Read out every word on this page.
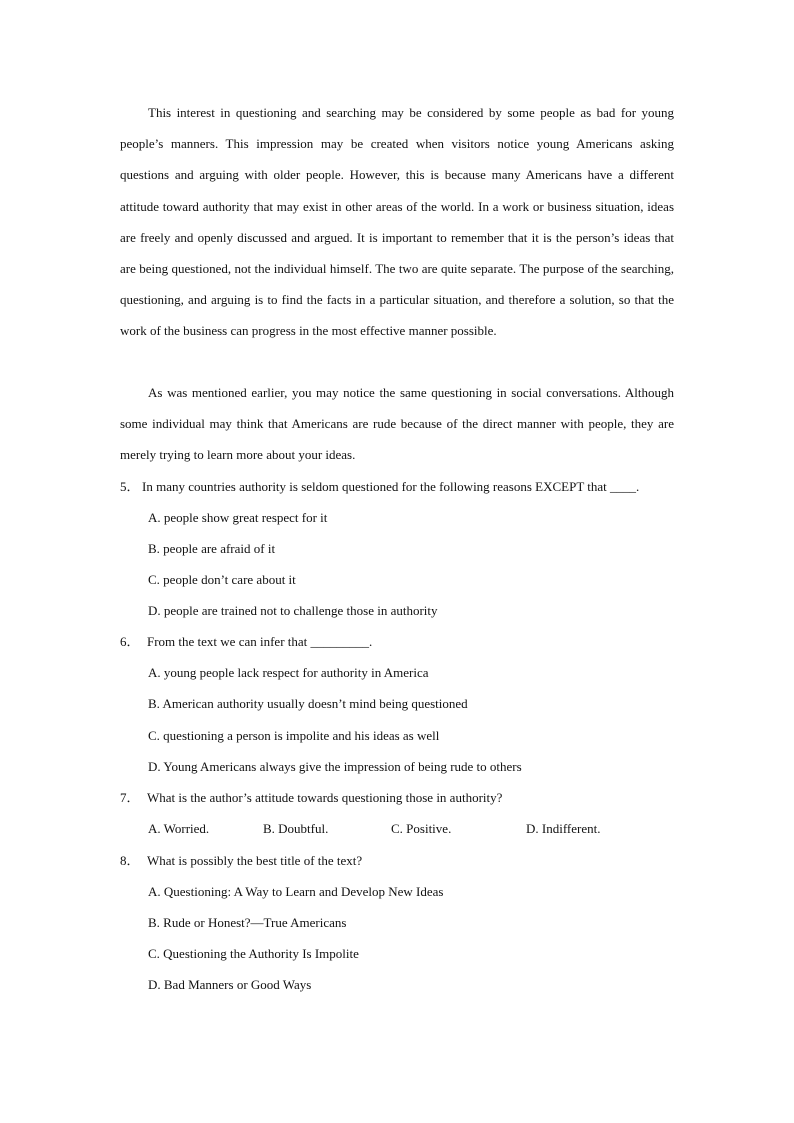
This interest in questioning and searching may be considered by some people as bad for young people’s manners. This impression may be created when visitors notice young Americans asking questions and arguing with older people. However, this is because many Americans have a different attitude toward authority that may exist in other areas of the world. In a work or business situation, ideas are freely and openly discussed and argued. It is important to remember that it is the person’s ideas that are being questioned, not the individual himself. The two are quite separate. The purpose of the searching, questioning, and arguing is to find the facts in a particular situation, and therefore a solution, so that the work of the business can progress in the most effective manner possible.

As was mentioned earlier, you may notice the same questioning in social conversations. Although some individual may think that Americans are rude because of the direct manner with people, they are merely trying to learn more about your ideas.

5． In many countries authority is seldom questioned for the following reasons EXCEPT that ____.
A. people show great respect for it
B. people are afraid of it
C. people don’t care about it
D. people are trained not to challenge those in authority
6． From the text we can infer that _________.
A. young people lack respect for authority in America
B. American authority usually doesn’t mind being questioned
C. questioning a person is impolite and his ideas as well
D. Young Americans always give the impression of being rude to others
7． What is the author’s attitude towards questioning those in authority?
A. Worried.	B. Doubtful.	C. Positive.	D. Indifferent.
8． What is possibly the best title of the text?
A. Questioning: A Way to Learn and Develop New Ideas
B. Rude or Honest?—True Americans
C. Questioning the Authority Is Impolite
D. Bad Manners or Good Ways
